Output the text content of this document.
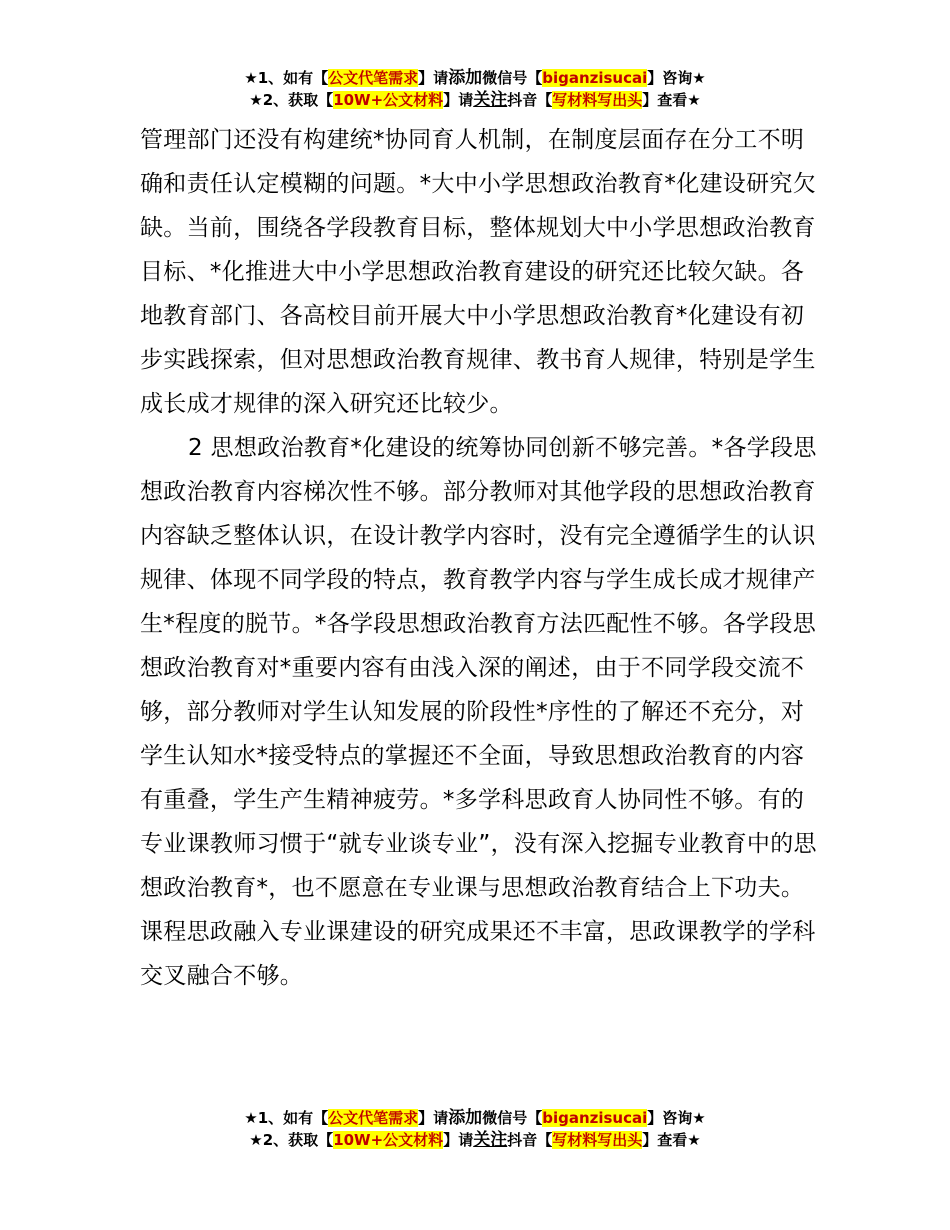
★1、如有【公文代笔需求】请添加微信号【biganzisucai】咨询★
★2、获取【10W+公文材料】请关注抖音【写材料写出头】查看★

管理部门还没有构建统*协同育人机制，在制度层面存在分工不明确和责任认定模糊的问题。*大中小学思想政治教育*化建设研究欠缺。当前，围绕各学段教育目标，整体规划大中小学思想政治教育目标、*化推进大中小学思想政治教育建设的研究还比较欠缺。各地教育部门、各高校目前开展大中小学思想政治教育*化建设有初步实践探索，但对思想政治教育规律、教书育人规律，特别是学生成长成才规律的深入研究还比较少。

2 思想政治教育*化建设的统筹协同创新不够完善。*各学段思想政治教育内容梯次性不够。部分教师对其他学段的思想政治教育内容缺乏整体认识，在设计教学内容时，没有完全遵循学生的认识规律、体现不同学段的特点，教育教学内容与学生成长成才规律产生*程度的脱节。*各学段思想政治教育方法匹配性不够。各学段思想政治教育对*重要内容有由浅入深的阐述，由于不同学段交流不够，部分教师对学生认知发展的阶段性*序性的了解还不充分，对学生认知水*接受特点的掌握还不全面，导致思想政治教育的内容有重叠，学生产生精神疲劳。*多学科思政育人协同性不够。有的专业课教师习惯于“就专业谈专业”，没有深入挖掘专业教育中的思想政治教育*，也不愿意在专业课与思想政治教育结合上下功夫。课程思政融入专业课建设的研究成果还不丰富，思政课教学的学科交叉融合不够。

★1、如有【公文代笔需求】请添加微信号【biganzisucai】咨询★
★2、获取【10W+公文材料】请关注抖音【写材料写出头】查看★
